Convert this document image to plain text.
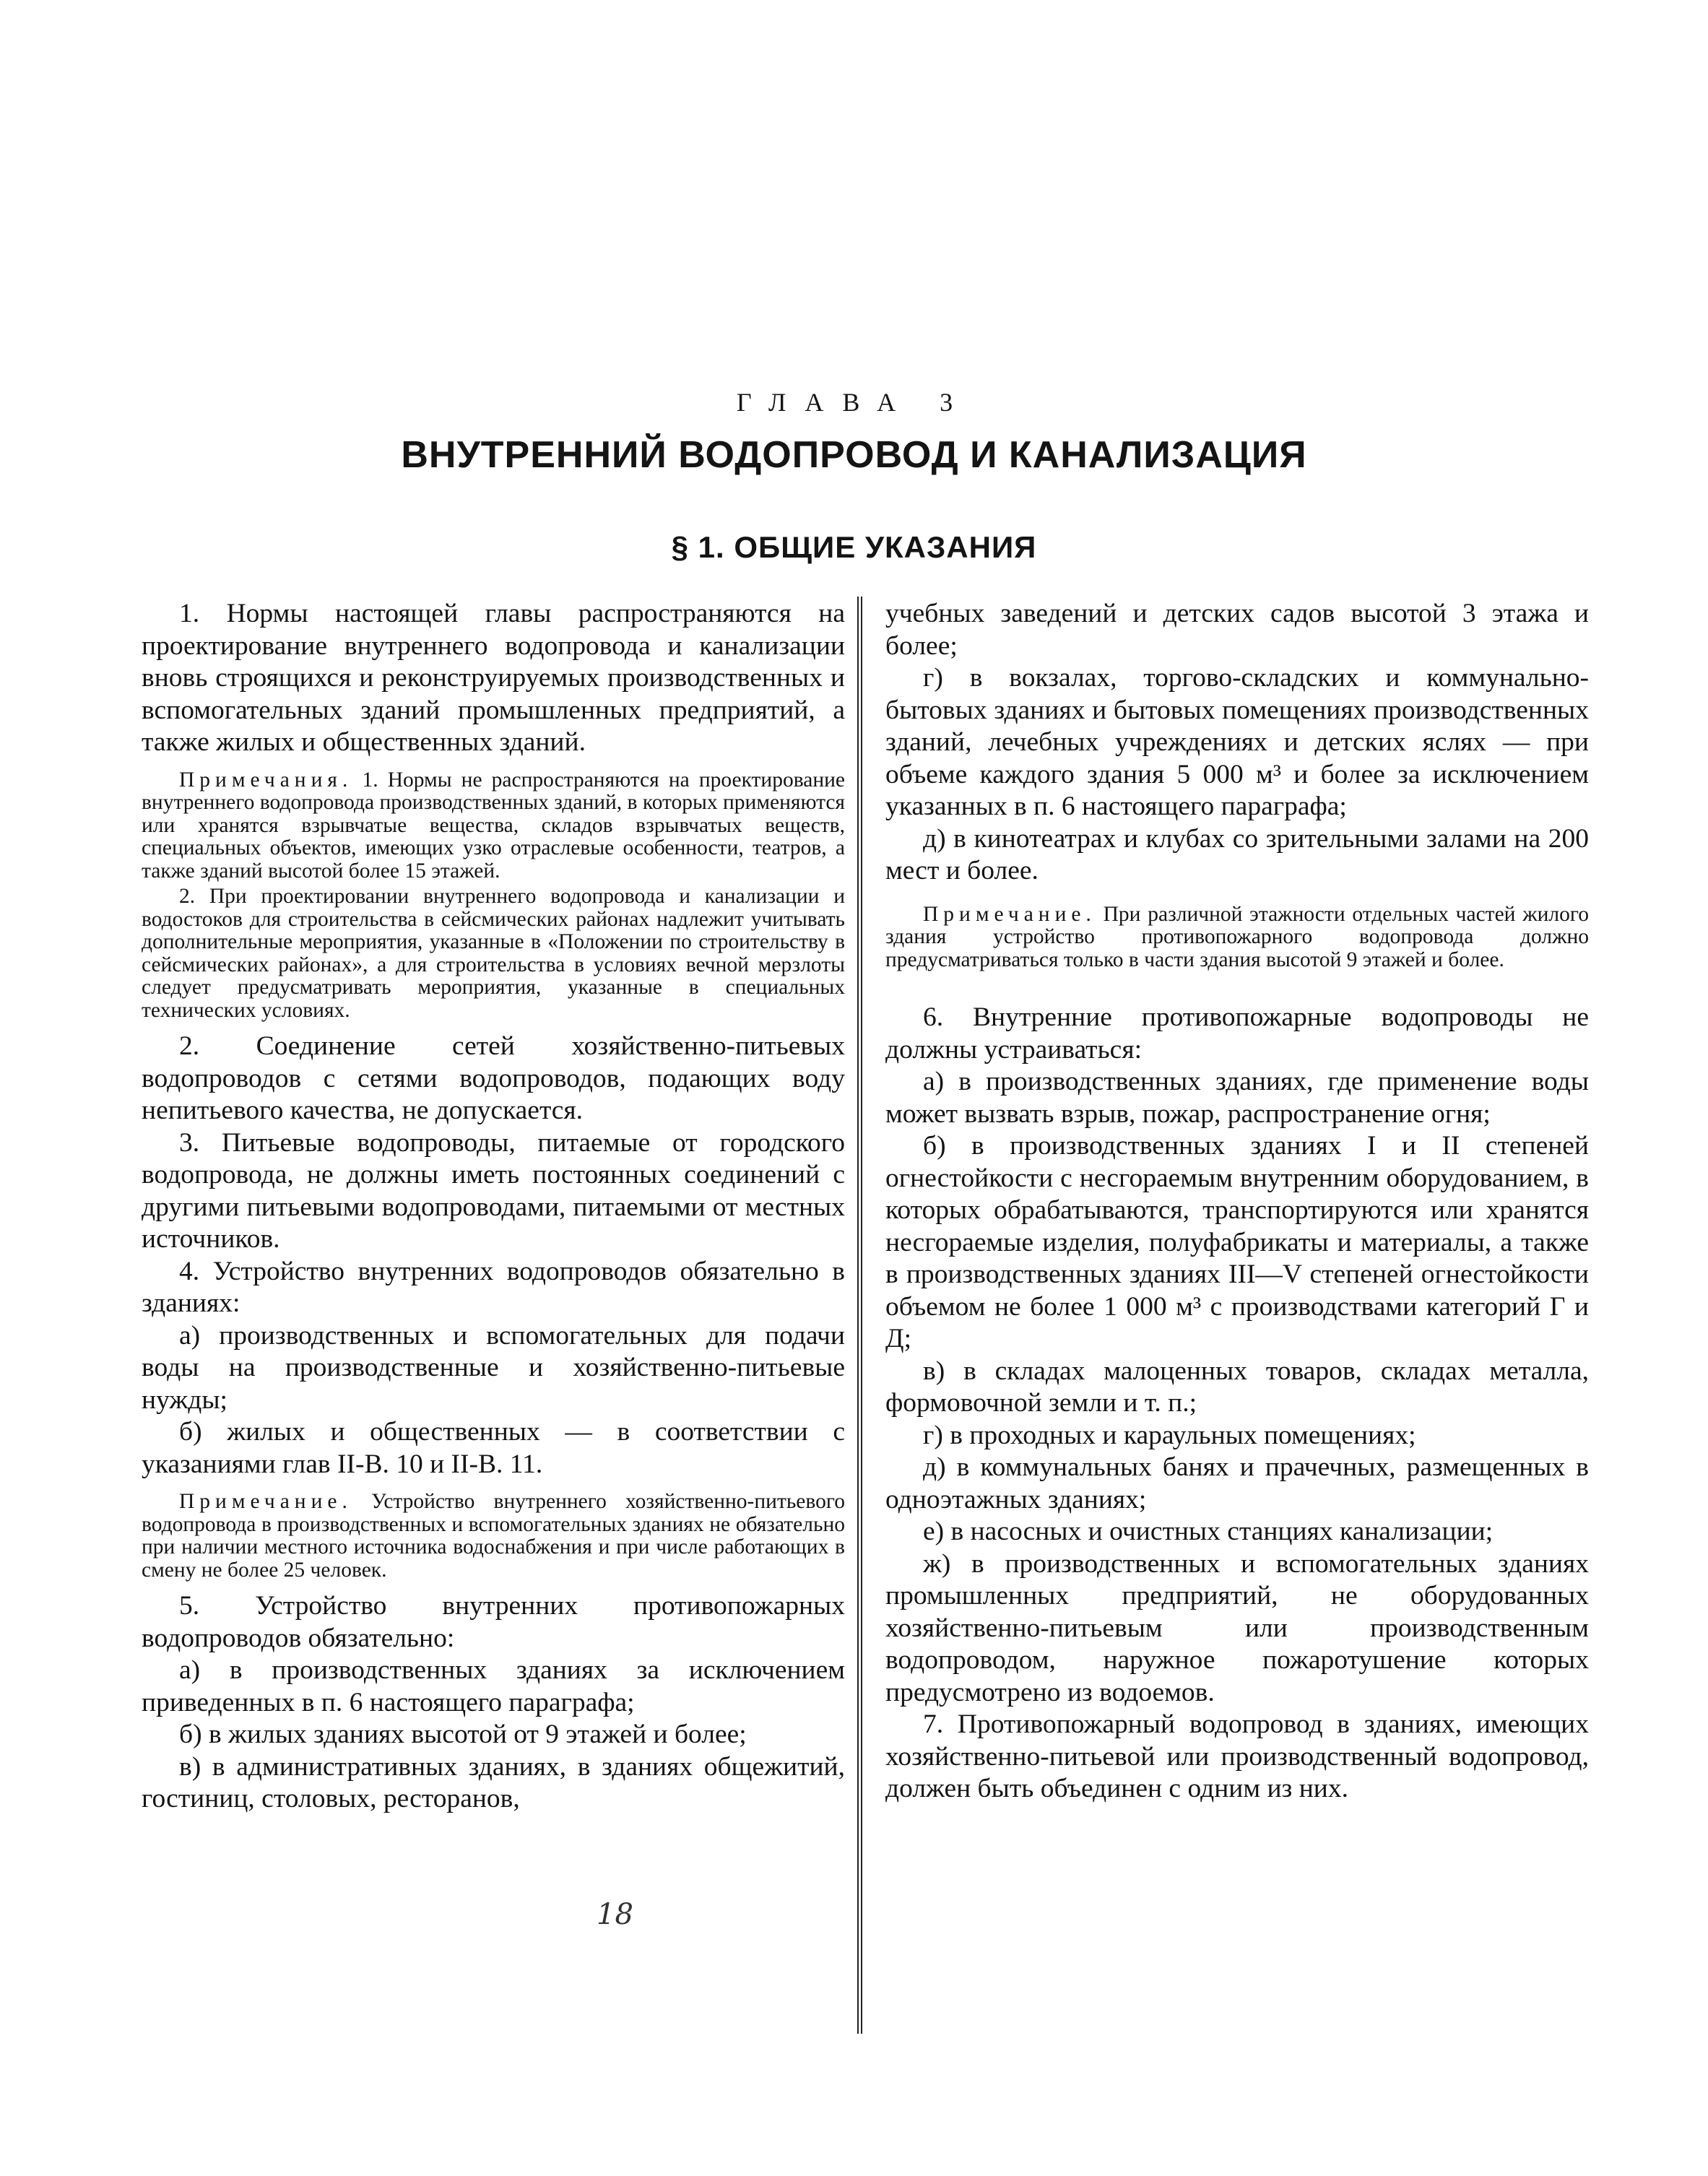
ГЛАВА 3
ВНУТРЕННИЙ ВОДОПРОВОД И КАНАЛИЗАЦИЯ
§ 1. ОБЩИЕ УКАЗАНИЯ

1. Нормы настоящей главы распространяются на проектирование внутреннего водопровода и канализации вновь строящихся и реконструируемых производственных и вспомогательных зданий промышленных предприятий, а также жилых и общественных зданий.

Примечания. 1. Нормы не распространяются на проектирование внутреннего водопровода производственных зданий, в которых применяются или хранятся взрывчатые вещества, складов взрывчатых веществ, специальных объектов, имеющих узко отраслевые особенности, театров, а также зданий высотой более 15 этажей.

2. При проектировании внутреннего водопровода и канализации и водостоков для строительства в сейсмических районах надлежит учитывать дополнительные мероприятия, указанные в «Положении по строительству в сейсмических районах», а для строительства в условиях вечной мерзлоты следует предусматривать мероприятия, указанные в специальных технических условиях.

2. Соединение сетей хозяйственно-питьевых водопроводов с сетями водопроводов, подающих воду непитьевого качества, не допускается.

3. Питьевые водопроводы, питаемые от городского водопровода, не должны иметь постоянных соединений с другими питьевыми водопроводами, питаемыми от местных источников.

4. Устройство внутренних водопроводов обязательно в зданиях:

а) производственных и вспомогательных для подачи воды на производственные и хозяйственно-питьевые нужды;

б) жилых и общественных — в соответствии с указаниями глав II-В. 10 и II-В. 11.

Примечание. Устройство внутреннего хозяйственно-питьевого водопровода в производственных и вспомогательных зданиях не обязательно при наличии местного источника водоснабжения и при числе работающих в смену не более 25 человек.

5. Устройство внутренних противопожарных водопроводов обязательно:

а) в производственных зданиях за исключением приведенных в п. 6 настоящего параграфа;

б) в жилых зданиях высотой от 9 этажей и более;

в) в административных зданиях, в зданиях общежитий, гостиниц, столовых, ресторанов,

учебных заведений и детских садов высотой 3 этажа и более;

г) в вокзалах, торгово-складских и коммунально-бытовых зданиях и бытовых помещениях производственных зданий, лечебных учреждениях и детских яслях — при объеме каждого здания 5 000 м³ и более за исключением указанных в п. 6 настоящего параграфа;

д) в кинотеатрах и клубах со зрительными залами на 200 мест и более.

Примечание. При различной этажности отдельных частей жилого здания устройство противопожарного водопровода должно предусматриваться только в части здания высотой 9 этажей и более.

6. Внутренние противопожарные водопроводы не должны устраиваться:

а) в производственных зданиях, где применение воды может вызвать взрыв, пожар, распространение огня;

б) в производственных зданиях I и II степеней огнестойкости с несгораемым внутренним оборудованием, в которых обрабатываются, транспортируются или хранятся несгораемые изделия, полуфабрикаты и материалы, а также в производственных зданиях III—V степеней огнестойкости объемом не более 1 000 м³ с производствами категорий Г и Д;

в) в складах малоценных товаров, складах металла, формовочной земли и т. п.;

г) в проходных и караульных помещениях;

д) в коммунальных банях и прачечных, размещенных в одноэтажных зданиях;

е) в насосных и очистных станциях канализации;

ж) в производственных и вспомогательных зданиях промышленных предприятий, не оборудованных хозяйственно-питьевым или производственным водопроводом, наружное пожаротушение которых предусмотрено из водоемов.

7. Противопожарный водопровод в зданиях, имеющих хозяйственно-питьевой или производственный водопровод, должен быть объединен с одним из них.

18
